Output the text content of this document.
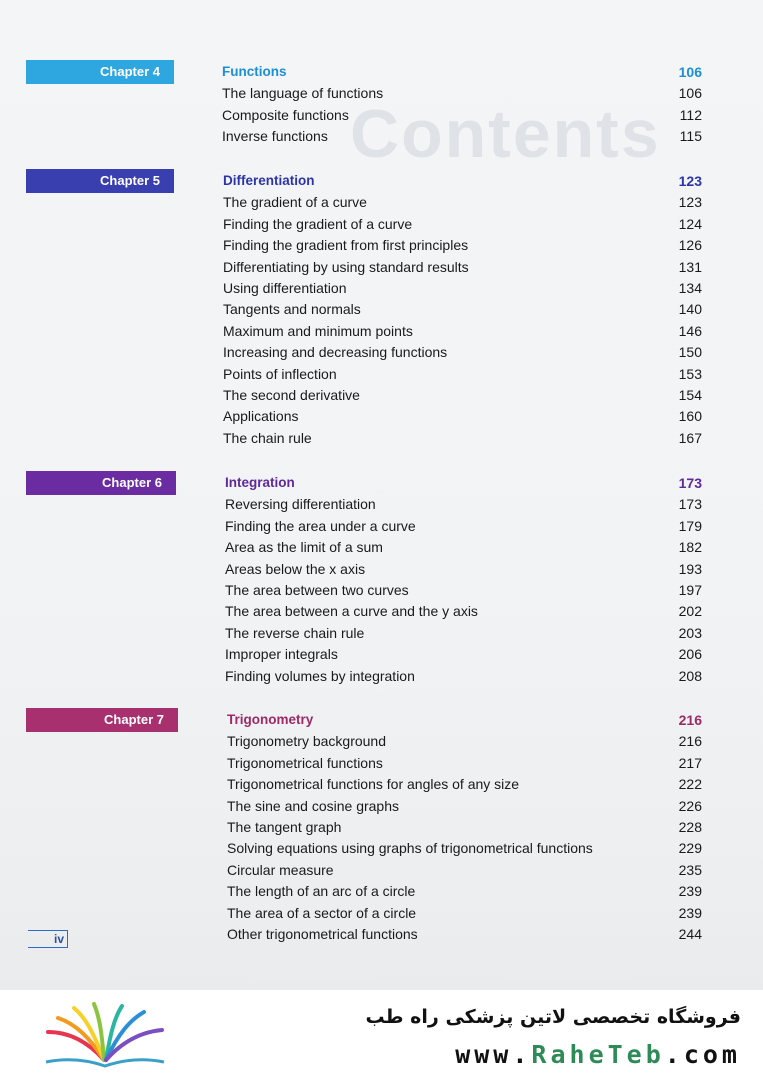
Contents
Chapter 4	Functions	106
The language of functions	106
Composite functions	112
Inverse functions	115
Chapter 5	Differentiation	123
The gradient of a curve	123
Finding the gradient of a curve	124
Finding the gradient from first principles	126
Differentiating by using standard results	131
Using differentiation	134
Tangents and normals	140
Maximum and minimum points	146
Increasing and decreasing functions	150
Points of inflection	153
The second derivative	154
Applications	160
The chain rule	167
Chapter 6	Integration	173
Reversing differentiation	173
Finding the area under a curve	179
Area as the limit of a sum	182
Areas below the x axis	193
The area between two curves	197
The area between a curve and the y axis	202
The reverse chain rule	203
Improper integrals	206
Finding volumes by integration	208
Chapter 7	Trigonometry	216
Trigonometry background	216
Trigonometrical functions	217
Trigonometrical functions for angles of any size	222
The sine and cosine graphs	226
The tangent graph	228
Solving equations using graphs of trigonometrical functions	229
Circular measure	235
The length of an arc of a circle	239
The area of a sector of a circle	239
Other trigonometrical functions	244
iv
فروشگاه تخصصی لاتین پزشکی راه طب
www.RaheTeb.com
